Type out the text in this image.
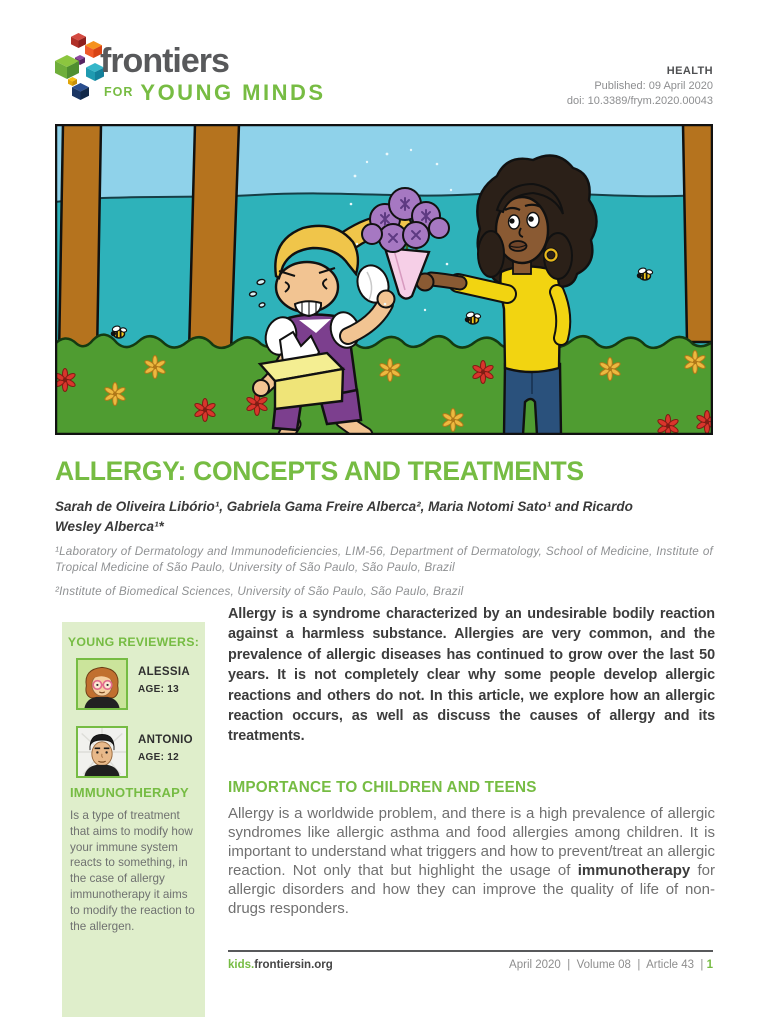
frontiers
$^{FOR}$ YOUNG MINDS
HEALTH
Published: 09 April 2020
doi: 10.3389/frym.2020.00043
ALLERGY: CONCEPTS AND TREATMENTS
Sarah de Oliveira Libório¹, Gabriela Gama Freire Alberca², Maria Notomi Sato¹ and Ricardo Wesley Alberca¹*
¹Laboratory of Dermatology and Immunodeficiencies, LIM-56, Department of Dermatology, School of Medicine, Institute of Tropical Medicine of São Paulo, University of São Paulo, São Paulo, Brazil
²Institute of Biomedical Sciences, University of São Paulo, São Paulo, Brazil
YOUNG REVIEWERS:
ALESSIA
AGE: 13
ANTONIO
AGE: 12
IMMUNOTHERAPY
Is a type of treatment that aims to modify how your immune system reacts to something, in the case of allergy immunotherapy it aims to modify the reaction to the allergen.

Allergy is a syndrome characterized by an undesirable bodily reaction against a harmless substance. Allergies are very common, and the prevalence of allergic diseases has continued to grow over the last 50 years. It is not completely clear why some people develop allergic reactions and others do not. In this article, we explore how an allergic reaction occurs, as well as discuss the causes of allergy and its treatments.

IMPORTANCE TO CHILDREN AND TEENS

Allergy is a worldwide problem, and there is a high prevalence of allergic syndromes like allergic asthma and food allergies among children. It is important to understand what triggers and how to prevent/treat an allergic reaction. Not only that but highlight the usage of immunotherapy for allergic disorders and how they can improve the quality of life of non-drugs responders.

kids.frontiersin.org	April 2020  |  Volume 08  |  Article 43  | 1
